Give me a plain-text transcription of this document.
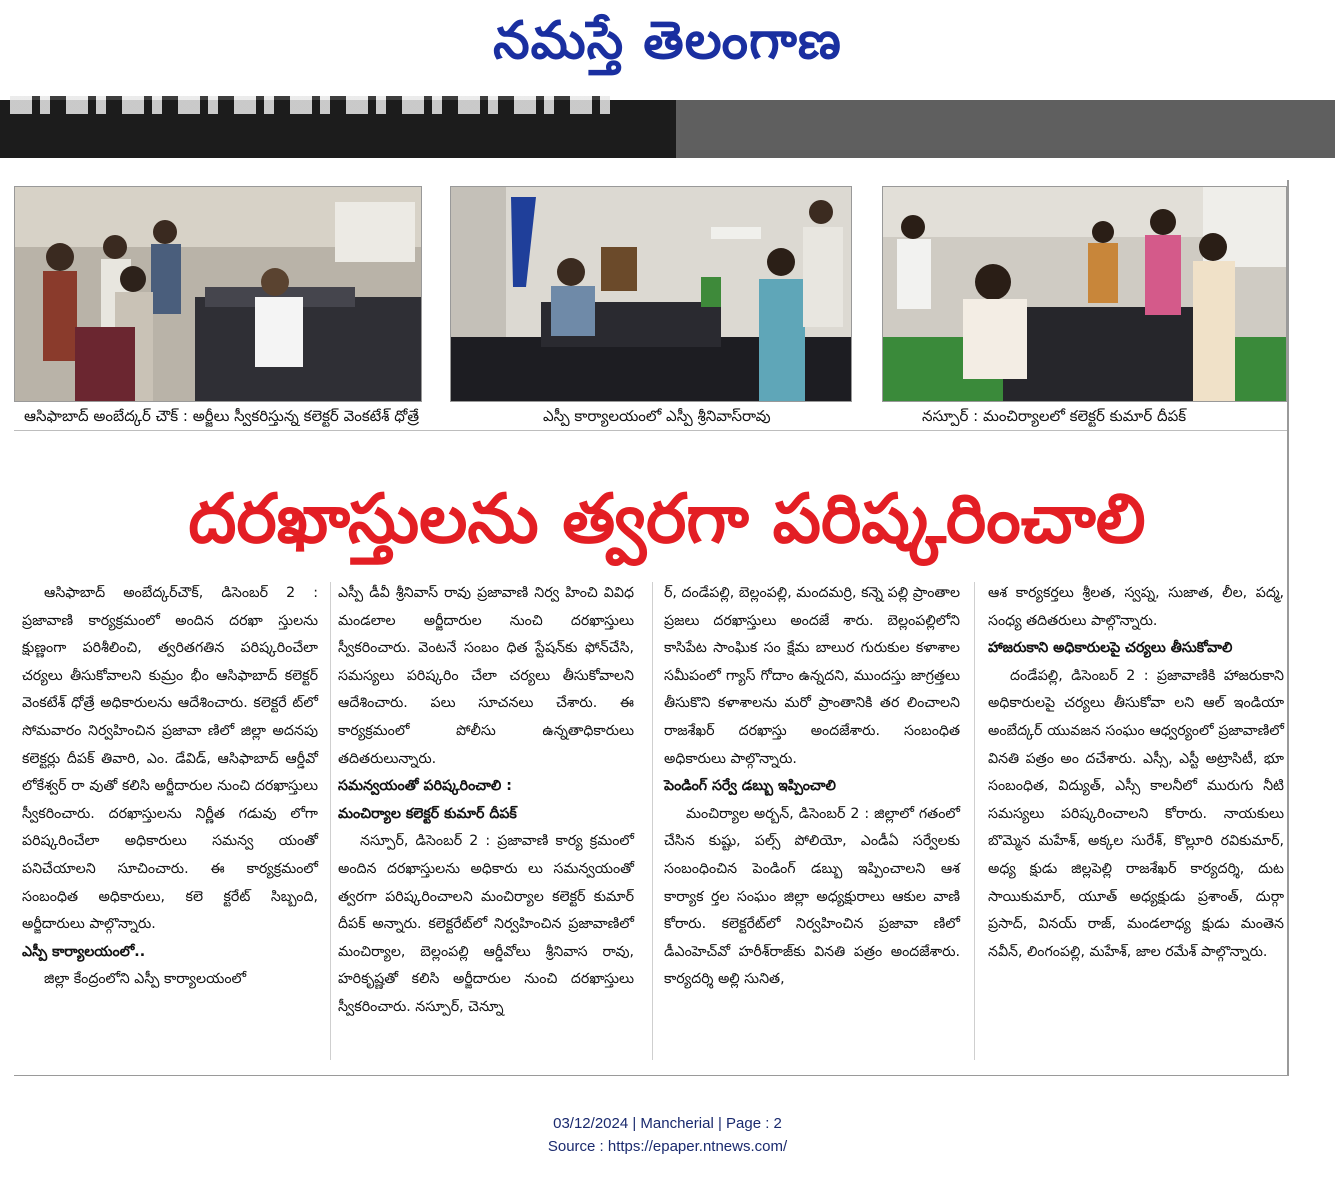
నమస్తే తెలంగాణ
ఆసిఫాబాద్ అంబేద్కర్ చౌక్ : అర్జీలు స్వీకరిస్తున్న కలెక్టర్ వెంకటేశ్ ధోత్రే	ఎస్పీ కార్యాలయంలో ఎస్పీ శ్రీనివాస్‌రావు	నస్పూర్ : మంచిర్యాలలో కలెక్టర్ కుమార్ దీపక్
దరఖాస్తులను త్వరగా పరిష్కరించాలి

ఆసిఫాబాద్ అంబేద్కర్‌చౌక్, డిసెంబర్ 2 : ప్రజావాణి కార్యక్రమంలో అందిన దరఖా స్తులను క్షుణ్ణంగా పరిశీలించి, త్వరితగతిన పరిష్కరించేలా చర్యలు తీసుకోవాలని కుమ్రం భీం ఆసిఫాబాద్ కలెక్టర్ వెంకటేశ్ ధోత్రే అధికారులను ఆదేశించారు. కలెక్టరే ట్‌లో సోమవారం నిర్వహించిన ప్రజావా ణిలో జిల్లా అదనపు కలెక్టర్లు దీపక్ తివారి, ఎం. డేవిడ్, ఆసిఫాబాద్ ఆర్డీవో లోకేశ్వర్ రా వుతో కలిసి అర్జీదారుల నుంచి దరఖాస్తులు స్వీకరించారు. దరఖాస్తులను నిర్ణీత గడువు లోగా పరిష్కరించేలా అధికారులు సమన్వ యంతో పనిచేయాలని సూచించారు. ఈ కార్యక్రమంలో సంబంధిత అధికారులు, కలె క్టరేట్ సిబ్బంది, అర్జీదారులు పాల్గొన్నారు.

ఎస్పీ కార్యాలయంలో..

జిల్లా కేంద్రంలోని ఎస్పీ కార్యాలయంలో

ఎస్పీ డీవీ శ్రీనివాస్ రావు ప్రజావాణి నిర్వ హించి వివిధ మండలాల అర్జీదారుల నుంచి దరఖాస్తులు స్వీకరించారు. వెంటనే సంబం ధిత స్టేషన్‌కు ఫోన్‌చేసి, సమస్యలు పరిష్కరిం చేలా చర్యలు తీసుకోవాలని ఆదేశించారు. పలు సూచనలు చేశారు. ఈ కార్యక్రమంలో పోలీసు ఉన్నతాధికారులు తదితరులున్నారు.

సమన్వయంతో పరిష్కరించాలి :

మంచిర్యాల కలెక్టర్ కుమార్ దీపక్

నస్పూర్, డిసెంబర్ 2 : ప్రజావాణి కార్య క్రమంలో అందిన దరఖాస్తులను అధికారు లు సమన్వయంతో త్వరగా పరిష్కరించాలని మంచిర్యాల కలెక్టర్ కుమార్ దీపక్ అన్నారు. కలెక్టరేట్‌లో నిర్వహించిన ప్రజావాణిలో మంచిర్యాల, బెల్లంపల్లి ఆర్డీవోలు శ్రీనివాస రావు, హరికృష్ణతో కలిసి అర్జీదారుల నుంచి దరఖాస్తులు స్వీకరించారు. నస్పూర్, చెన్నూ

ర్, దండేపల్లి, బెల్లంపల్లి, మందమర్రి, కన్నె పల్లి ప్రాంతాల ప్రజలు దరఖాస్తులు అందజే శారు. బెల్లంపల్లిలోని కాసిపేట సాంఘిక సం క్షేమ బాలుర గురుకుల కళాశాల సమీపంలో గ్యాస్ గోదాం ఉన్నదని, ముందస్తు జాగ్రత్తలు తీసుకొని కళాశాలను మరో ప్రాంతానికి తర లించాలని రాజశేఖర్ దరఖాస్తు అందజేశారు. సంబంధిత అధికారులు పాల్గొన్నారు.

పెండింగ్ సర్వే డబ్బు ఇప్పించాలి

మంచిర్యాల అర్బన్, డిసెంబర్ 2 : జిల్లాలో గతంలో చేసిన కుష్టు, పల్స్ పోలియో, ఎండీఏ సర్వేలకు సంబంధించిన పెండింగ్ డబ్బు ఇప్పించాలని ఆశ కార్యాక ర్తల సంఘం జిల్లా అధ్యక్షురాలు ఆకుల వాణి కోరారు. కలెక్టరేట్‌లో నిర్వహించిన ప్రజావా ణిలో డీఎంహెచ్‌వో హరీశ్‌రాజ్‌కు వినతి పత్రం అందజేశారు. కార్యదర్శి అల్లి సునిత,

ఆశ కార్యకర్తలు శ్రీలత, స్వప్న, సుజాత, లీల, పద్మ, సంధ్య తదితరులు పాల్గొన్నారు.

హాజరుకాని అధికారులపై చర్యలు తీసుకోవాలి

దండేపల్లి, డిసెంబర్ 2 : ప్రజావాణికి హాజరుకాని అధికారులపై చర్యలు తీసుకోవా లని ఆల్ ఇండియా అంబేద్కర్ యువజన సంఘం ఆధ్వర్యంలో ప్రజావాణిలో వినతి పత్రం అం దచేశారు. ఎస్సీ, ఎస్టీ అట్రాసిటీ, భూ సంబంధిత, విద్యుత్, ఎస్సీ కాలనీలో మురుగు నీటి సమస్యలు పరిష్కరించాలని కోరారు. నాయకులు బొమ్మెన మహేశ్, అక్కల సురేశ్, కొల్లూరి రవికుమార్, అధ్య క్షుడు జిల్లపెల్లి రాజశేఖర్ కార్యదర్శి, దుట సాయికుమార్, యూత్ అధ్యక్షుడు ప్రశాంత్, దుర్గా ప్రసాద్, వినయ్ రాజ్, మండలాధ్య క్షుడు మంతెన నవీన్, లింగంపల్లి, మహేశ్, జాల రమేశ్ పాల్గొన్నారు.

03/12/2024 | Mancherial | Page : 2
Source : https://epaper.ntnews.com/
